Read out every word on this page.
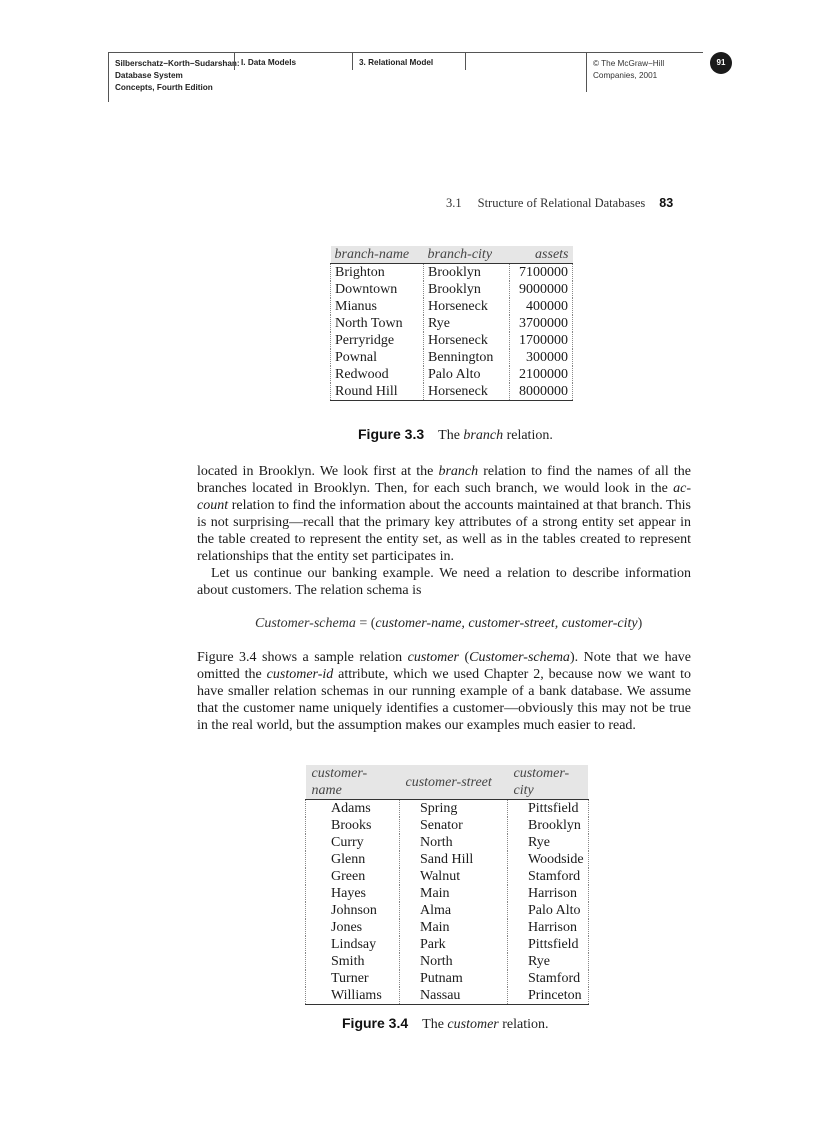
Silberschatz−Korth−Sudarshan:
Database System
Concepts, Fourth Edition
I. Data Models	3. Relational Model	© The McGraw−Hill
Companies, 2001
91
3.1 Structure of Relational Databases 83
branch-name	branch-city	assets
Brighton	Brooklyn	7100000
Downtown	Brooklyn	9000000
Mianus	Horseneck	400000
North Town	Rye	3700000
Perryridge	Horseneck	1700000
Pownal	Bennington	300000
Redwood	Palo Alto	2100000
Round Hill	Horseneck	8000000
Figure 3.3 The branch relation.

located in Brooklyn. We look first at the branch relation to find the names of all the branches located in Brooklyn. Then, for each such branch, we would look in the ac-count relation to find the information about the accounts maintained at that branch. This is not surprising—recall that the primary key attributes of a strong entity set appear in the table created to represent the entity set, as well as in the tables created to represent relationships that the entity set participates in.

Let us continue our banking example. We need a relation to describe information about customers. The relation schema is

Customer-schema = (customer-name, customer-street, customer-city)

Figure 3.4 shows a sample relation customer (Customer-schema). Note that we have omitted the customer-id attribute, which we used Chapter 2, because now we want to have smaller relation schemas in our running example of a bank database. We assume that the customer name uniquely identifies a customer—obviously this may not be true in the real world, but the assumption makes our examples much easier to read.

customer-name	customer-street	customer-city
Adams	Spring	Pittsfield
Brooks	Senator	Brooklyn
Curry	North	Rye
Glenn	Sand Hill	Woodside
Green	Walnut	Stamford
Hayes	Main	Harrison
Johnson	Alma	Palo Alto
Jones	Main	Harrison
Lindsay	Park	Pittsfield
Smith	North	Rye
Turner	Putnam	Stamford
Williams	Nassau	Princeton
Figure 3.4 The customer relation.
